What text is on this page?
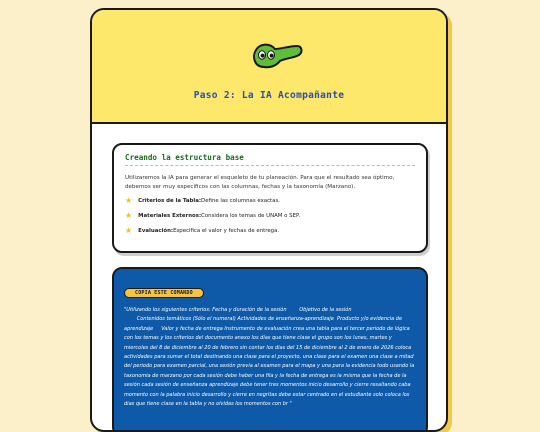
Paso 2: La IA Acompañante
Creando la estructura base
Utilizaremos la IA para generar el esqueleto de tu planeación. Para que el resultado sea óptimo, debemos ser muy específicos con las columnas, fechas y la taxonomía (Marzano).
★ Criterios de la Tabla: Define las columnas exactas.
★ Materiales Externos: Considera los temas de UNAM o SEP.
★ Evaluación: Especifica el valor y fechas de entrega.
COPIA ESTE COMANDO
"Utilizando los siguientes criterios: Fecha y duración de la sesión        Objetivo de la sesión
Contenidos temáticos (Sólo el numeral) Actividades de enseñanza-aprendizaje  Producto y/o evidencia de aprendizaje     Valor y fecha de entrega Instrumento de evaluación crea una tabla para el tercer periodo de lógica con los temas y los criterios del documento anexo los días que tiene clase el grupo son los lunes, martes y miercoles del 8 de diciembre al 20 de febrero sin contar los dias del 15 de diciembre al 2 de enero de 2026 coloca actividades para sumar el total destinando una clase para el proyecto, una clase para el examen una clase a mitad del periodo para examen parcial, una sesión previa al examen para el mapa y una para la evidencia todo usando la taxonomia de marzano por cada sesión debe haber una fila y la fecha de entrega es la misma que la fecha de la sesión cada sesión de enseñanza aprendizaje debe tener tres momentos inicio desarrollo y cierre resaltando caba momento con la palabra inicio desarrollo y cierre en negritas debe estar centrado en el estudiante solo coloca los dias que tiene clase en la tabla y no olvidas los momentos con br "
